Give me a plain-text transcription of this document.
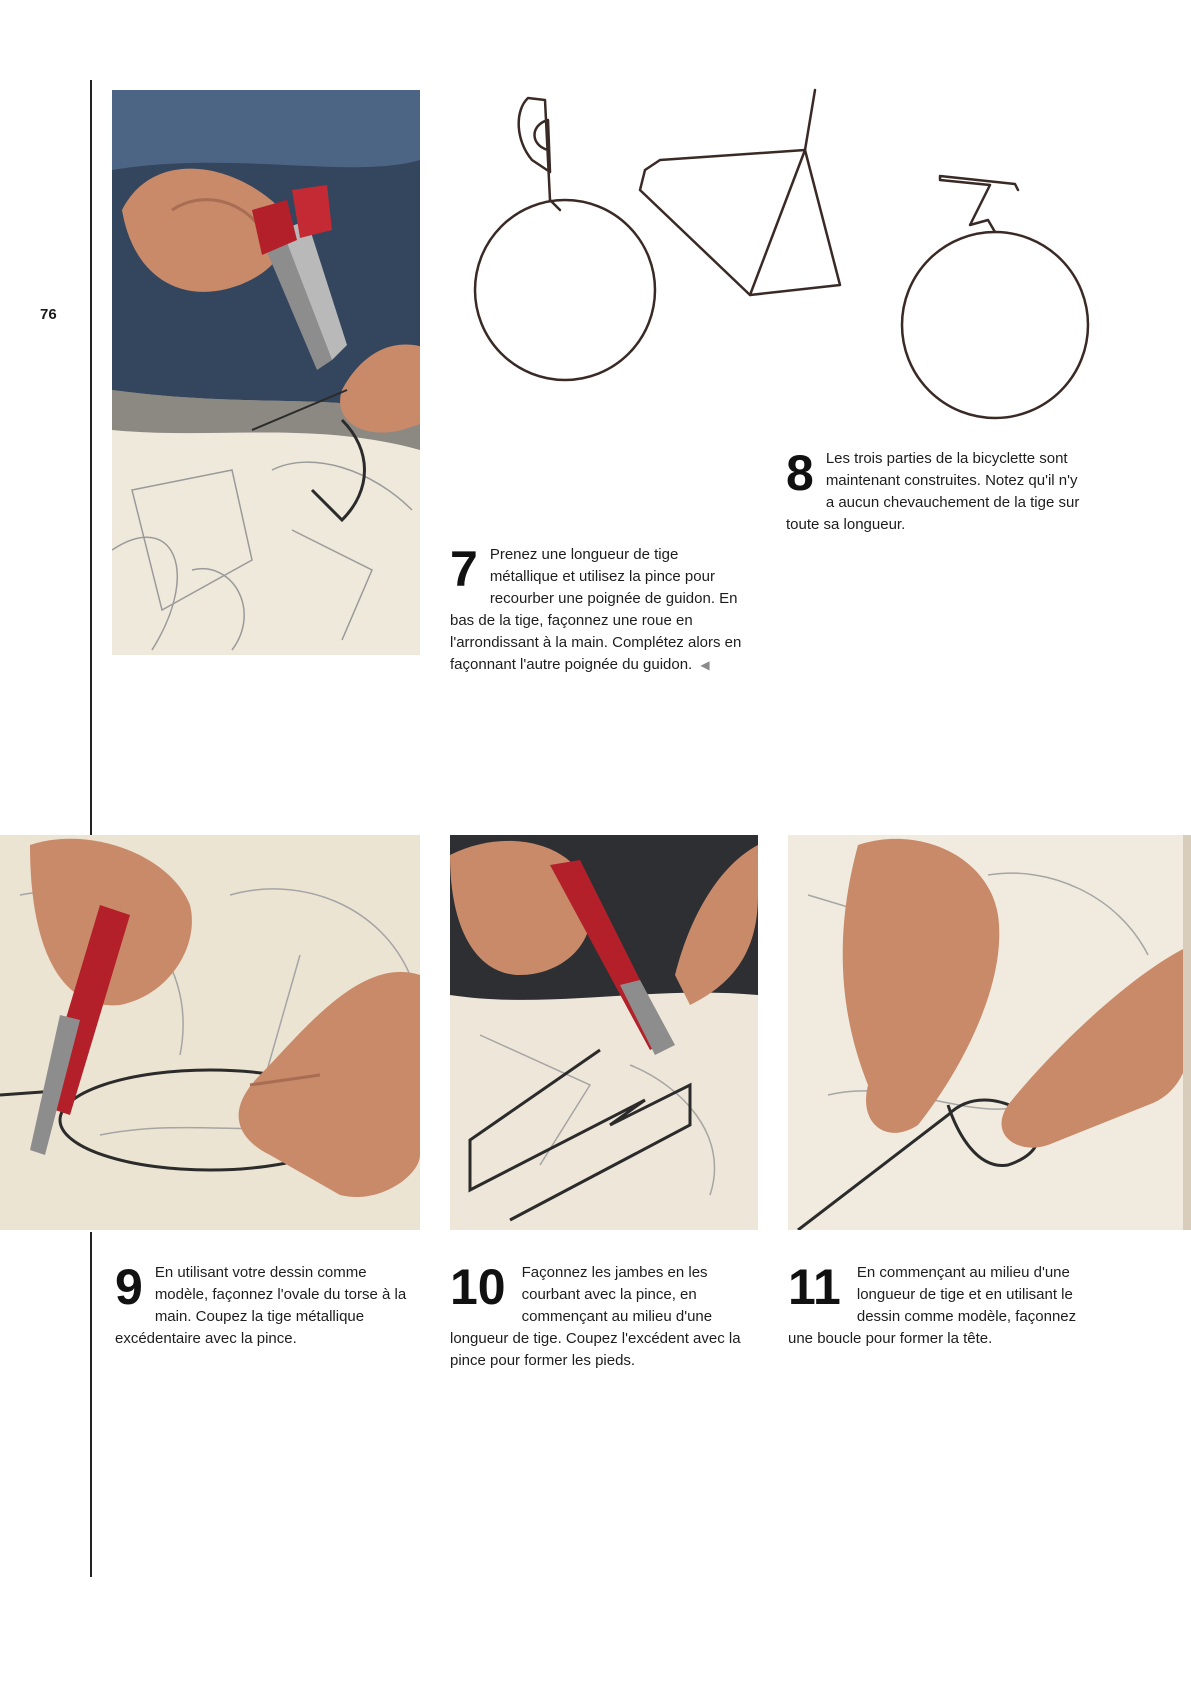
76
8 Les trois parties de la bicyclette sont maintenant construites. Notez qu'il n'y a aucun chevauchement de la tige sur toute sa longueur.
7 Prenez une longueur de tige métallique et utilisez la pince pour recourber une poignée de guidon. En bas de la tige, façonnez une roue en l'arrondissant à la main. Complétez alors en façonnant l'autre poignée du guidon. ◀
9 En utilisant votre dessin comme modèle, façonnez l'ovale du torse à la main. Coupez la tige métallique excédentaire avec la pince.
10 Façonnez les jambes en les courbant avec la pince, en commençant au milieu d'une longueur de tige. Coupez l'excédent avec la pince pour former les pieds.
11 En commençant au milieu d'une longueur de tige et en utilisant le dessin comme modèle, façonnez une boucle pour former la tête.
